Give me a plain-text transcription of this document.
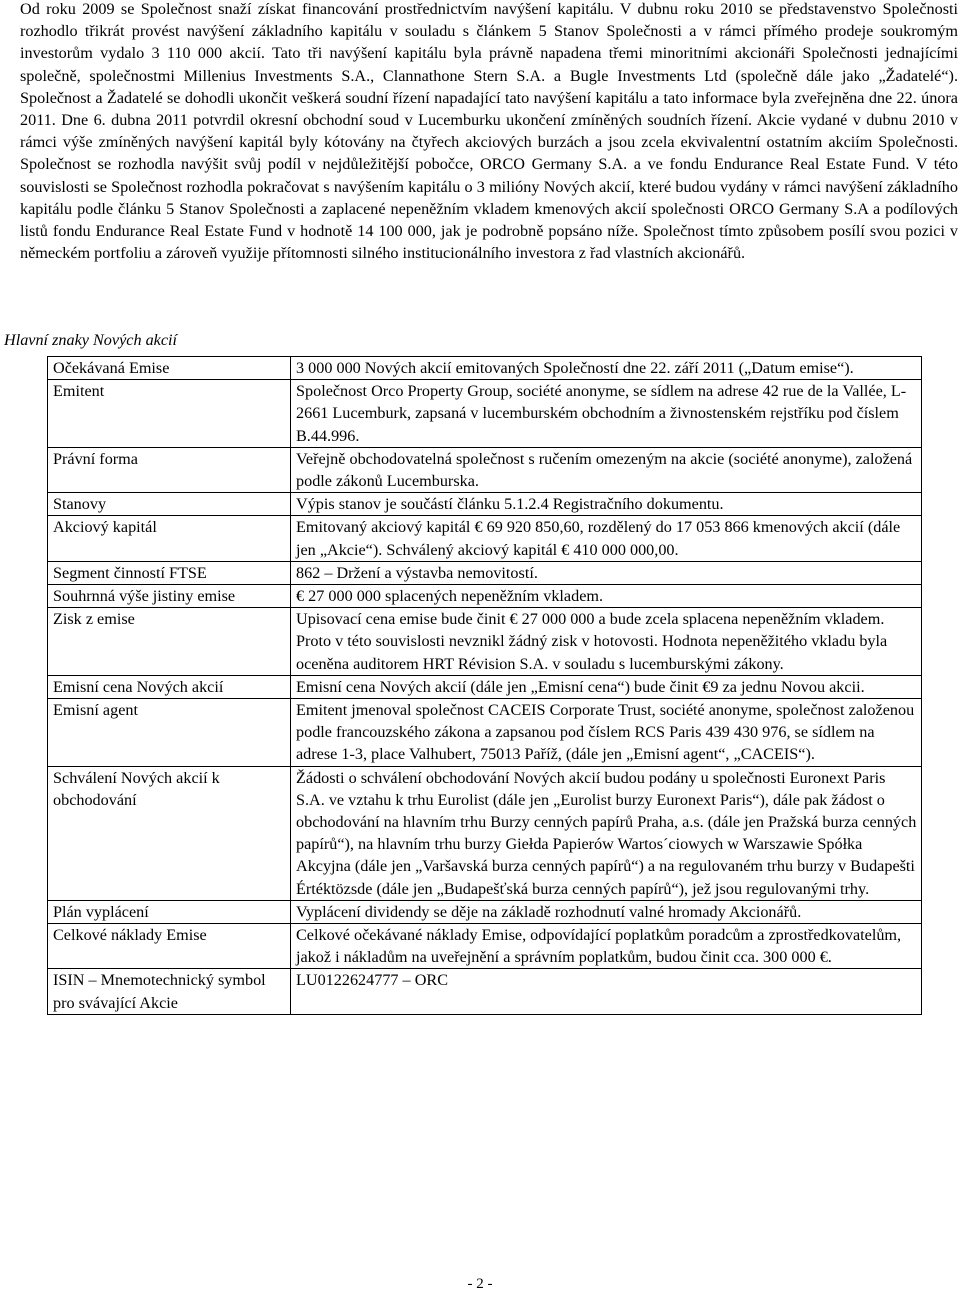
Od roku 2009 se Společnost snaží získat financování prostřednictvím navýšení kapitálu. V dubnu roku 2010 se představenstvo Společnosti rozhodlo třikrát provést navýšení základního kapitálu v souladu s článkem 5 Stanov Společnosti a v rámci přímého prodeje soukromým investorům vydalo 3 110 000 akcií. Tato tři navýšení kapitálu byla právně napadena třemi minoritními akcionáři Společnosti jednajícími společně, společnostmi Millenius Investments S.A., Clannathone Stern S.A. a Bugle Investments Ltd (společně dále jako „Žadatelé“). Společnost a Žadatelé se dohodli ukončit veškerá soudní řízení napadající tato navýšení kapitálu a tato informace byla zveřejněna dne 22. února 2011. Dne 6. dubna 2011 potvrdil okresní obchodní soud v Lucemburku ukončení zmíněných soudních řízení. Akcie vydané v dubnu 2010 v rámci výše zmíněných navýšení kapitál byly kótovány na čtyřech akciových burzách a jsou zcela ekvivalentní ostatním akciím Společnosti. Společnost se rozhodla navýšit svůj podíl v nejdůležitější pobočce, ORCO Germany S.A. a ve fondu Endurance Real Estate Fund. V této souvislosti se Společnost rozhodla pokračovat s navýšením kapitálu o 3 milióny Nových akcií, které budou vydány v rámci navýšení základního kapitálu podle článku 5 Stanov Společnosti a zaplacené nepeněžním vkladem kmenových akcií společnosti ORCO Germany S.A a podílových listů fondu Endurance Real Estate Fund v hodnotě 14 100 000, jak je podrobně popsáno níže. Společnost tímto způsobem posílí svou pozici v německém portfoliu a zároveň využije přítomnosti silného institucionálního investora z řad vlastních akcionářů.

Hlavní znaky Nových akcií

Očekávaná Emise	3 000 000 Nových akcií emitovaných Společností dne 22. září 2011 („Datum emise“).
Emitent	Společnost Orco Property Group, société anonyme, se sídlem na adrese 42 rue de la Vallée, L-2661 Lucemburk, zapsaná v lucemburském obchodním a živnostenském rejstříku pod číslem B.44.996.
Právní forma	Veřejně obchodovatelná společnost s ručením omezeným na akcie (société anonyme), založená podle zákonů Lucemburska.
Stanovy	Výpis stanov je součástí článku 5.1.2.4 Registračního dokumentu.
Akciový kapitál	Emitovaný akciový kapitál € 69 920 850,60, rozdělený do 17 053 866 kmenových akcií (dále jen „Akcie“). Schválený akciový kapitál € 410 000 000,00.
Segment činností FTSE	862 – Držení a výstavba nemovitostí.
Souhrnná výše jistiny emise	€ 27 000 000 splacených nepeněžním vkladem.
Zisk z emise	Upisovací cena emise bude činit € 27 000 000 a bude zcela splacena nepeněžním vkladem. Proto v této souvislosti nevznikl žádný zisk v hotovosti. Hodnota nepeněžitého vkladu byla oceněna auditorem HRT Révision S.A. v souladu s lucemburskými zákony.
Emisní cena Nových akcií	Emisní cena Nových akcií (dále jen „Emisní cena“) bude činit €9 za jednu Novou akcii.
Emisní agent	Emitent jmenoval společnost CACEIS Corporate Trust, société anonyme, společnost založenou podle francouzského zákona a zapsanou pod číslem RCS Paris 439 430 976, se sídlem na adrese 1-3, place Valhubert, 75013 Paříž, (dále jen „Emisní agent“, „CACEIS“).
Schválení Nových akcií k obchodování	Žádosti o schválení obchodování Nových akcií budou podány u společnosti Euronext Paris S.A. ve vztahu k trhu Eurolist (dále jen „Eurolist burzy Euronext Paris“), dále pak žádost o obchodování na hlavním trhu Burzy cenných papírů Praha, a.s. (dále jen Pražská burza cenných papírů“), na hlavním trhu burzy Giełda Papierów Wartos´ciowych w Warszawie Spółka Akcyjna (dále jen „Varšavská burza cenných papírů“) a na regulovaném trhu burzy v Budapešti Értéktözsde (dále jen „Budapešťská burza cenných papírů“), jež jsou regulovanými trhy.
Plán vyplácení	Vyplácení dividendy se děje na základě rozhodnutí valné hromady Akcionářů.
Celkové náklady Emise	Celkové očekávané náklady Emise, odpovídající poplatkům poradcům a zprostředkovatelům, jakož i nákladům na uveřejnění a správním poplatkům, budou činit cca. 300 000 €.
ISIN – Mnemotechnický symbol pro svávající Akcie	LU0122624777 – ORC
- 2 -
